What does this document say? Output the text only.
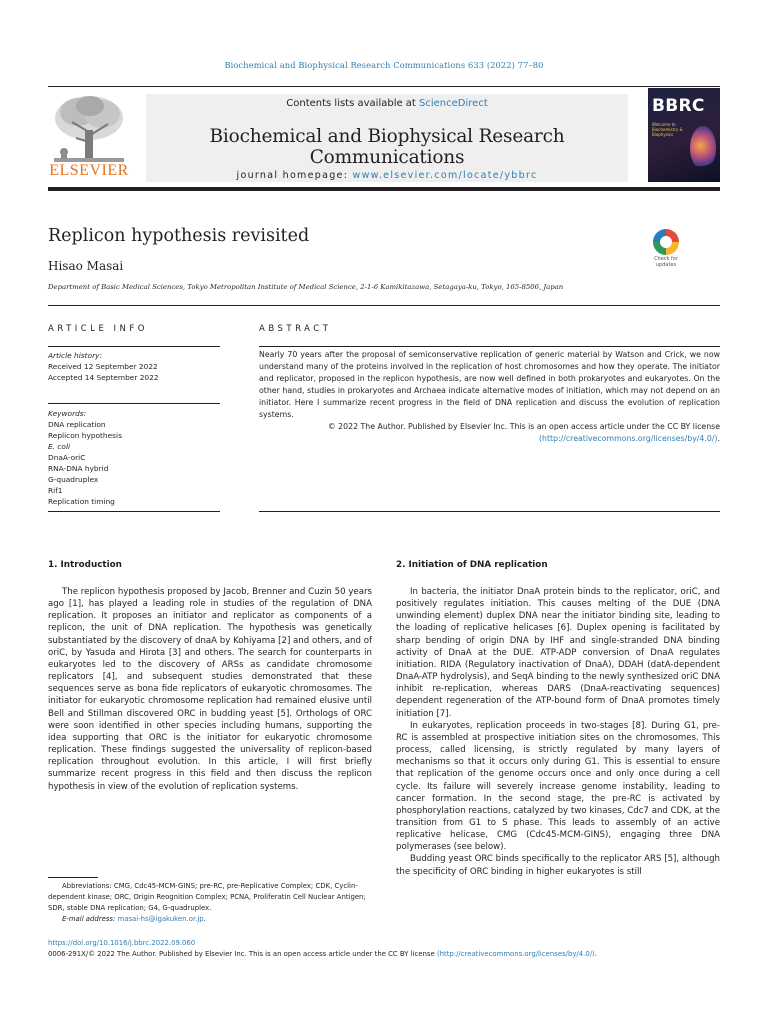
Biochemical and Biophysical Research Communications 633 (2022) 77–80
ELSEVIER
Contents lists available at ScienceDirect
Biochemical and Biophysical Research Communications
journal homepage: www.elsevier.com/locate/ybbrc
BBRC
Welcome to Biochemistry & Biophysics
Replicon hypothesis revisited
Check for updates
Hisao Masai
Department of Basic Medical Sciences, Tokyo Metropolitan Institute of Medical Science, 2-1-6 Kamikitazawa, Setagaya-ku, Tokyo, 165-8506, Japan
ARTICLE INFO	ABSTRACT
Article history:
Received 12 September 2022
Accepted 14 September 2022
Keywords:
DNA replication
Replicon hypothesis
E. coli
DnaA-oriC
RNA-DNA hybrid
G-quadruplex
Rif1
Replication timing

Nearly 70 years after the proposal of semiconservative replication of generic material by Watson and Crick, we now understand many of the proteins involved in the replication of host chromosomes and how they operate. The initiator and replicator, proposed in the replicon hypothesis, are now well defined in both prokaryotes and eukaryotes. On the other hand, studies in prokaryotes and Archaea indicate alternative modes of initiation, which may not depend on an initiator. Here I summarize recent progress in the field of DNA replication and discuss the evolution of replication systems.

© 2022 The Author. Published by Elsevier Inc. This is an open access article under the CC BY license (http://creativecommons.org/licenses/by/4.0/).

1. Introduction

The replicon hypothesis proposed by Jacob, Brenner and Cuzin 50 years ago [1], has played a leading role in studies of the regulation of DNA replication. It proposes an initiator and replicator as components of a replicon, the unit of DNA replication. The hypothesis was genetically substantiated by the discovery of dnaA by Kohiyama [2] and others, and of oriC, by Yasuda and Hirota [3] and others. The search for counterparts in eukaryotes led to the discovery of ARSs as candidate chromosome replicators [4], and subsequent studies demonstrated that these sequences serve as bona fide replicators of eukaryotic chromosomes. The initiator for eukaryotic chromosome replication had remained elusive until Bell and Stillman discovered ORC in budding yeast [5]. Orthologs of ORC were soon identified in other species including humans, supporting the idea supporting that ORC is the initiator for eukaryotic chromosome replication. These findings suggested the universality of replicon-based replication throughout evolution. In this article, I will first briefly summarize recent progress in this field and then discuss the replicon hypothesis in view of the evolution of replication systems.

2. Initiation of DNA replication

In bacteria, the initiator DnaA protein binds to the replicator, oriC, and positively regulates initiation. This causes melting of the DUE (DNA unwinding element) duplex DNA near the initiator binding site, leading to the loading of replicative helicases [6]. Duplex opening is facilitated by sharp bending of origin DNA by IHF and single-stranded DNA binding activity of DnaA at the DUE. ATP-ADP conversion of DnaA regulates initiation. RIDA (Regulatory inactivation of DnaA), DDAH (datA-dependent DnaA-ATP hydrolysis), and SeqA binding to the newly synthesized oriC DNA inhibit re-replication, whereas DARS (DnaA-reactivating sequences) dependent regeneration of the ATP-bound form of DnaA promotes timely initiation [7].

In eukaryotes, replication proceeds in two-stages [8]. During G1, pre-RC is assembled at prospective initiation sites on the chromosomes. This process, called licensing, is strictly regulated by many layers of mechanisms so that it occurs only during G1. This is essential to ensure that replication of the genome occurs once and only once during a cell cycle. Its failure will severely increase genome instability, leading to cancer formation. In the second stage, the pre-RC is activated by phosphorylation reactions, catalyzed by two kinases, Cdc7 and CDK, at the transition from G1 to S phase. This leads to assembly of an active replicative helicase, CMG (Cdc45-MCM-GINS), engaging three DNA polymerases (see below).

Budding yeast ORC binds specifically to the replicator ARS [5], although the specificity of ORC binding in higher eukaryotes is still

Abbreviations: CMG, Cdc45-MCM-GINS; pre-RC, pre-Replicative Complex; CDK, Cyclin-dependent kinase; ORC, Origin Reognition Complex; PCNA, Proliferatin Cell Nuclear Antigen; SDR, stable DNA replication; G4, G-quadruplex.

E-mail address: masai-hs@igakuken.or.jp.

https://doi.org/10.1016/j.bbrc.2022.09.060

0006-291X/© 2022 The Author. Published by Elsevier Inc. This is an open access article under the CC BY license (http://creativecommons.org/licenses/by/4.0/).
